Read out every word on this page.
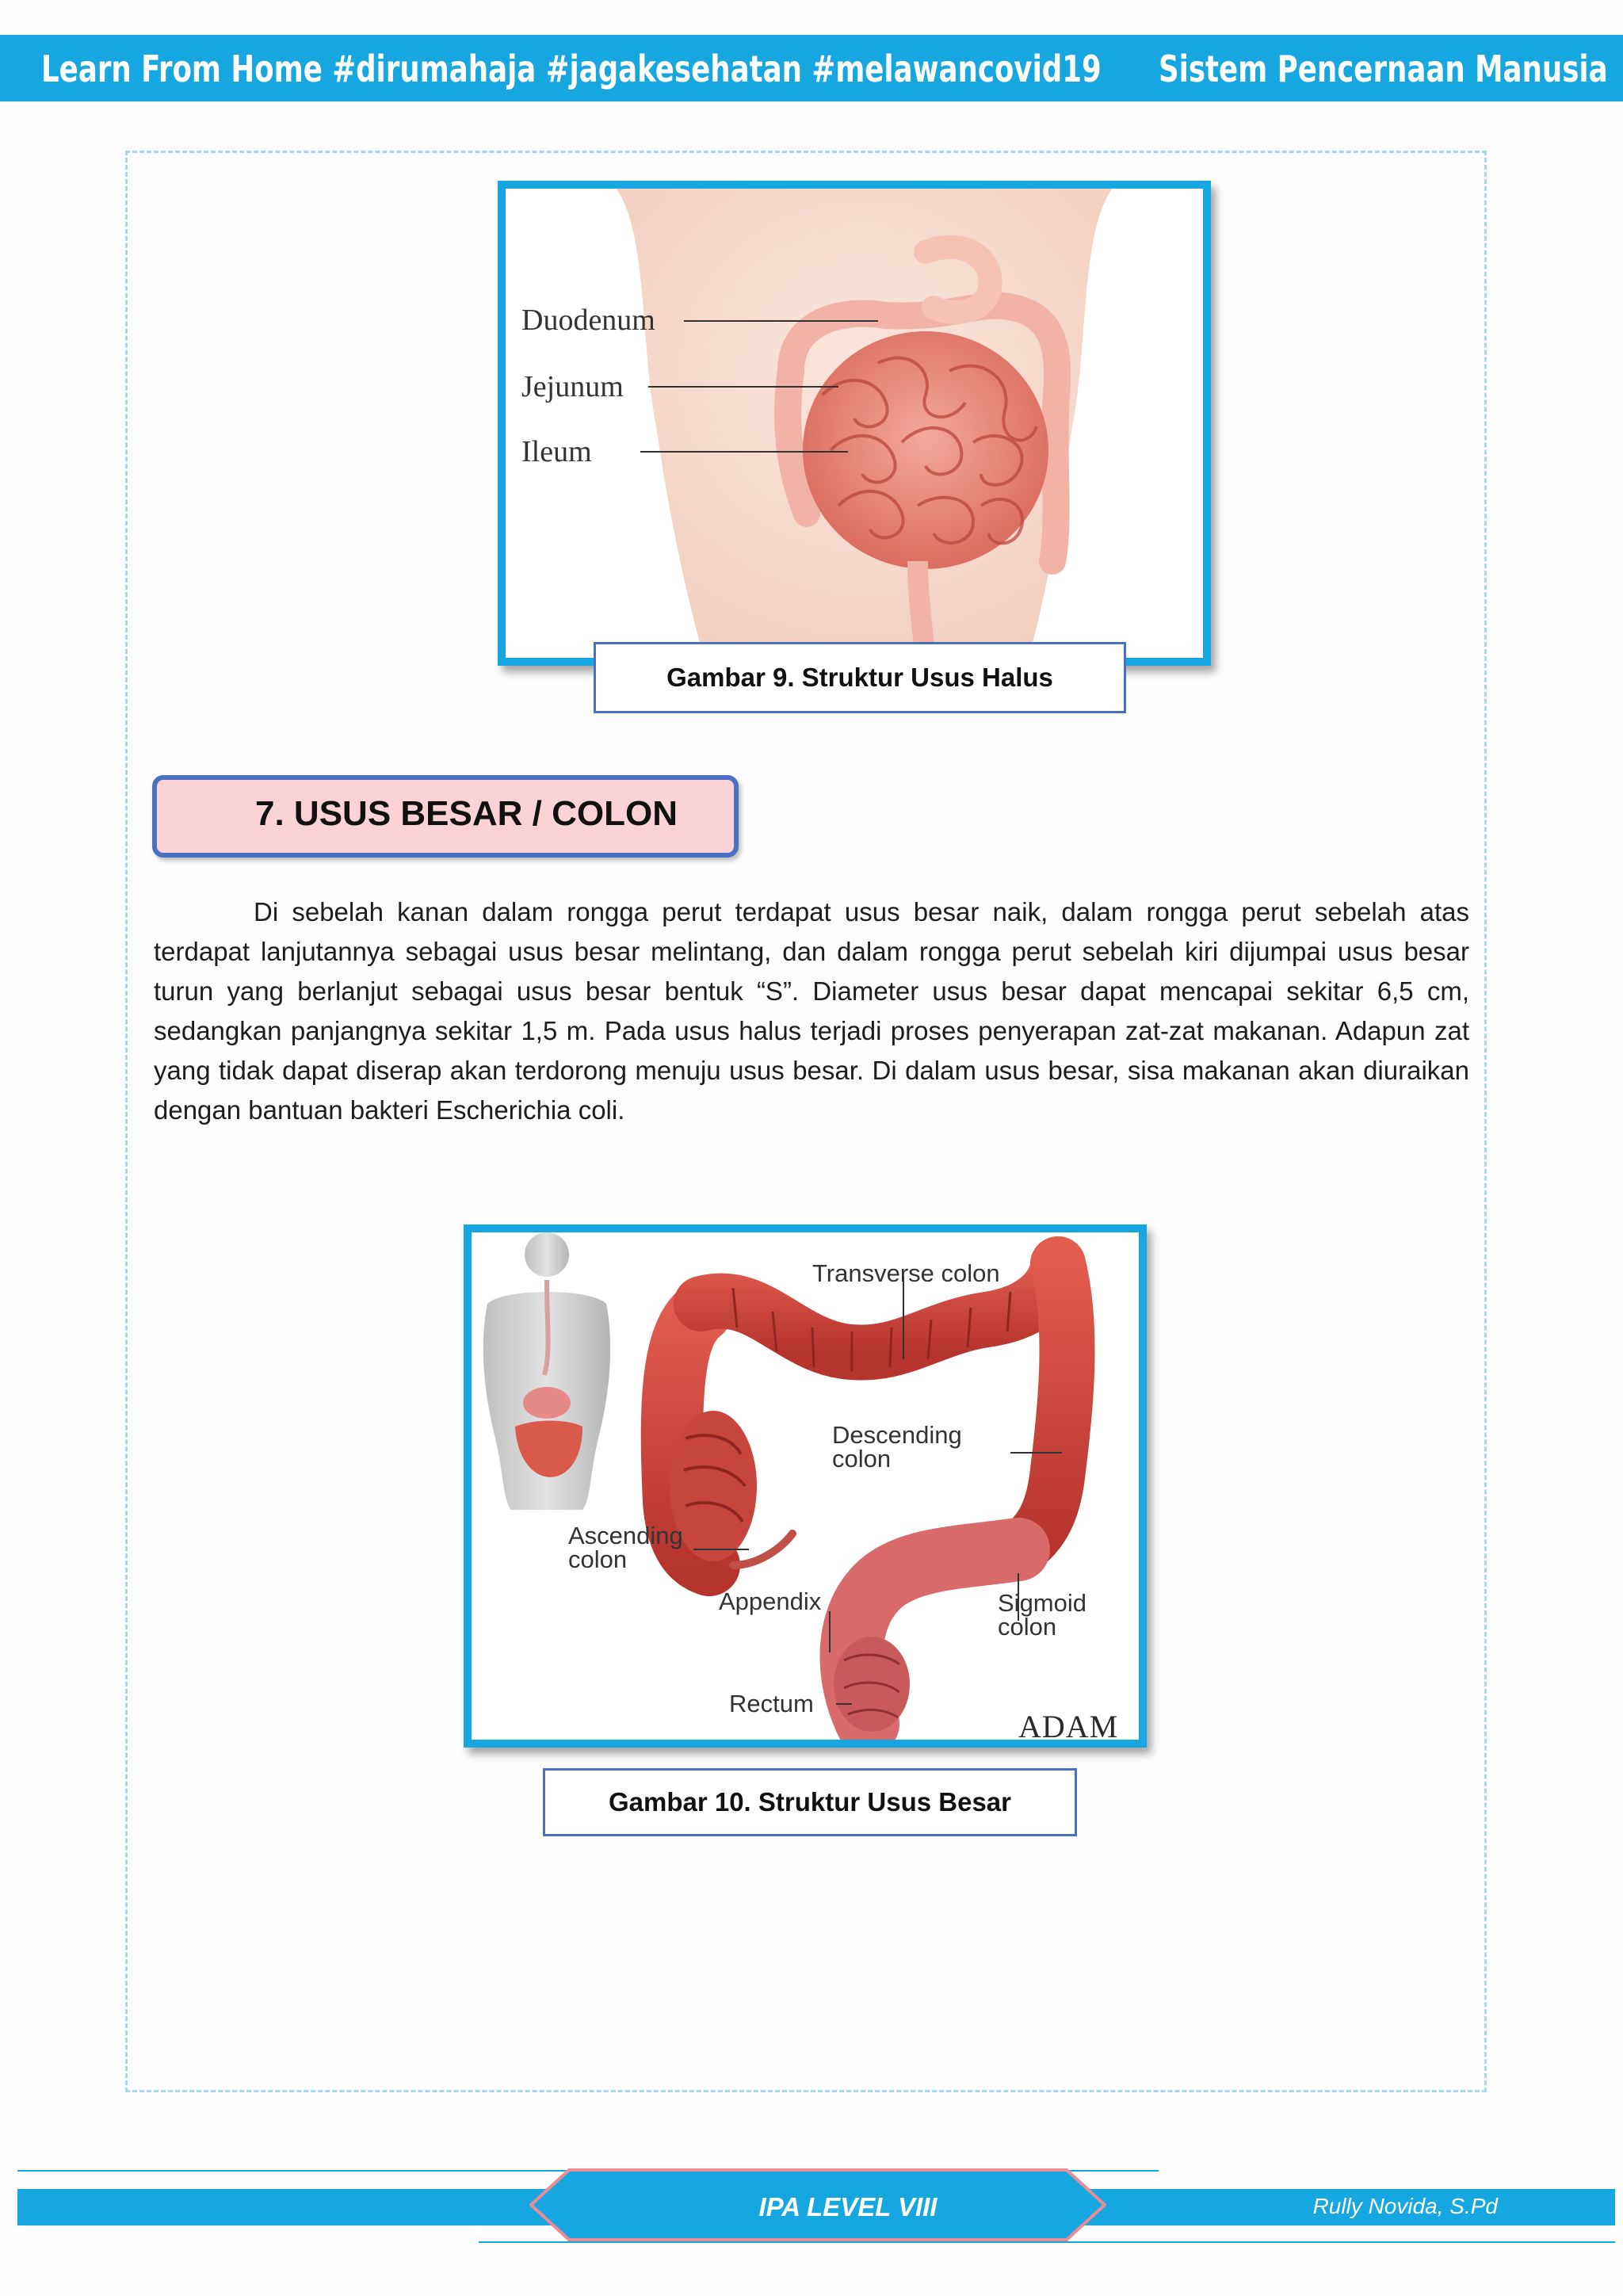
Learn From Home #dirumahaja #jagakesehatan #melawancovid19 Sistem Pencernaan Manusia
Duodenum
Jejunum
Ileum
Gambar 9. Struktur Usus Halus
7. USUS BESAR / COLON

Di sebelah kanan dalam rongga perut terdapat usus besar naik, dalam rongga perut sebelah atas terdapat lanjutannya sebagai usus besar melintang, dan dalam rongga perut sebelah kiri dijumpai usus besar turun yang berlanjut sebagai usus besar bentuk “S”. Diameter usus besar dapat mencapai sekitar 6,5 cm, sedangkan panjangnya sekitar 1,5 m. Pada usus halus terjadi proses penyerapan zat-zat makanan. Adapun zat yang tidak dapat diserap akan terdorong menuju usus besar. Di dalam usus besar, sisa makanan akan diuraikan dengan bantuan bakteri Escherichia coli.

Transverse colon
Descending
colon
Ascending
colon
Appendix	Sigmoid
colon
Rectum
ADAM
Gambar 10. Struktur Usus Besar
IPA LEVEL VIII	Rully Novida, S.Pd
